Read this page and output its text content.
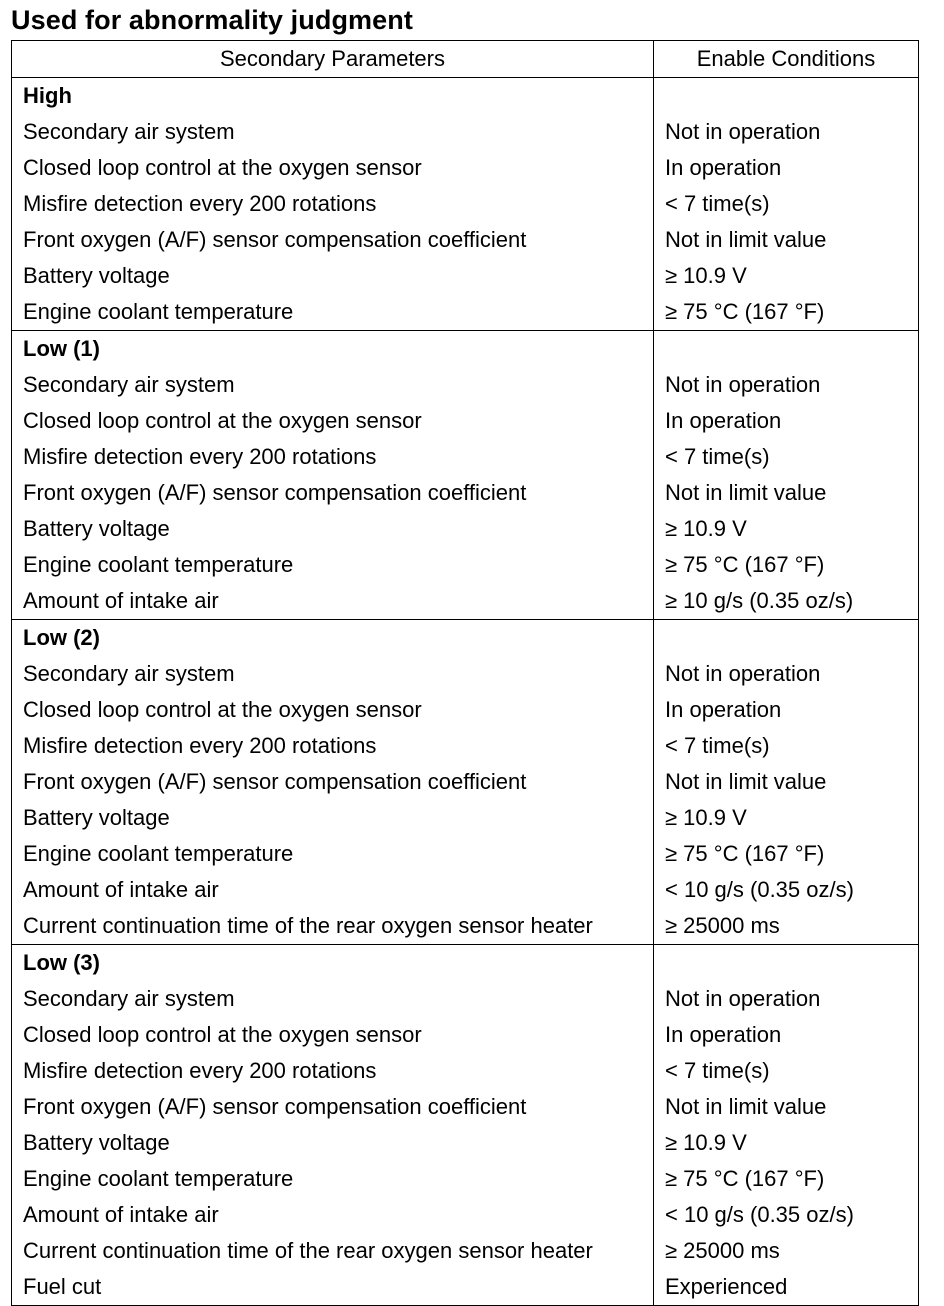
Used for abnormality judgment
Secondary Parameters	Enable Conditions
High	
Secondary air system	Not in operation
Closed loop control at the oxygen sensor	In operation
Misfire detection every 200 rotations	< 7 time(s)
Front oxygen (A/F) sensor compensation coefficient	Not in limit value
Battery voltage	≥ 10.9 V
Engine coolant temperature	≥ 75 °C (167 °F)
Low (1)	
Secondary air system	Not in operation
Closed loop control at the oxygen sensor	In operation
Misfire detection every 200 rotations	< 7 time(s)
Front oxygen (A/F) sensor compensation coefficient	Not in limit value
Battery voltage	≥ 10.9 V
Engine coolant temperature	≥ 75 °C (167 °F)
Amount of intake air	≥ 10 g/s (0.35 oz/s)
Low (2)	
Secondary air system	Not in operation
Closed loop control at the oxygen sensor	In operation
Misfire detection every 200 rotations	< 7 time(s)
Front oxygen (A/F) sensor compensation coefficient	Not in limit value
Battery voltage	≥ 10.9 V
Engine coolant temperature	≥ 75 °C (167 °F)
Amount of intake air	< 10 g/s (0.35 oz/s)
Current continuation time of the rear oxygen sensor heater	≥ 25000 ms
Low (3)	
Secondary air system	Not in operation
Closed loop control at the oxygen sensor	In operation
Misfire detection every 200 rotations	< 7 time(s)
Front oxygen (A/F) sensor compensation coefficient	Not in limit value
Battery voltage	≥ 10.9 V
Engine coolant temperature	≥ 75 °C (167 °F)
Amount of intake air	< 10 g/s (0.35 oz/s)
Current continuation time of the rear oxygen sensor heater	≥ 25000 ms
Fuel cut	Experienced
